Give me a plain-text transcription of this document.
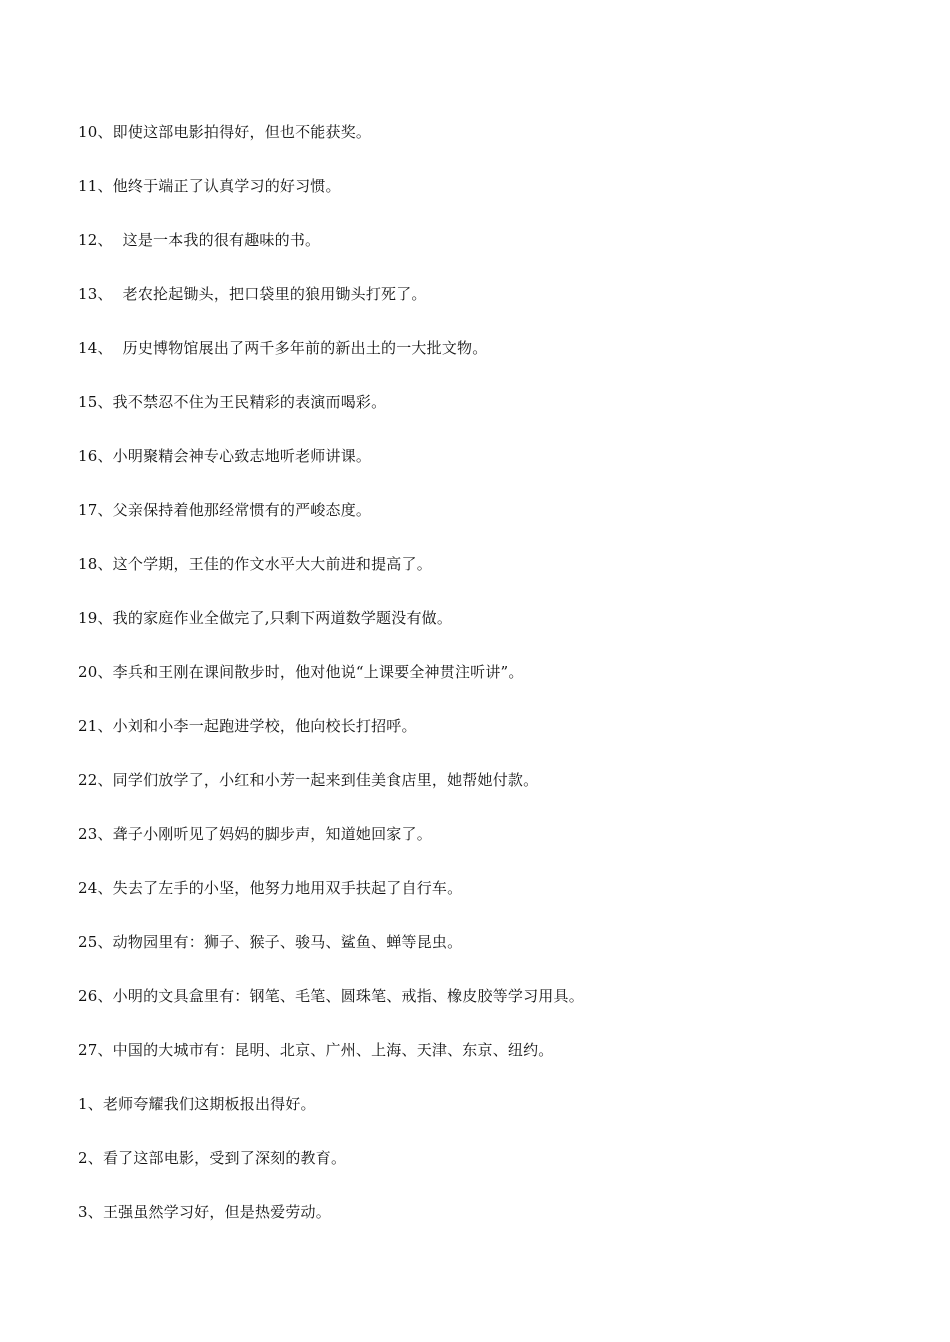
10、即使这部电影拍得好，但也不能获奖。
11、他终于端正了认真学习的好习惯。
12、  这是一本我的很有趣味的书。
13、  老农抡起锄头，把口袋里的狼用锄头打死了。
14、  历史博物馆展出了两千多年前的新出土的一大批文物。
15、我不禁忍不住为王民精彩的表演而喝彩。
16、小明聚精会神专心致志地听老师讲课。
17、父亲保持着他那经常惯有的严峻态度。
18、这个学期，王佳的作文水平大大前进和提高了。
19、我的家庭作业全做完了,只剩下两道数学题没有做。
20、李兵和王刚在课间散步时，他对他说“上课要全神贯注听讲”。
21、小刘和小李一起跑进学校，他向校长打招呼。
22、同学们放学了，小红和小芳一起来到佳美食店里，她帮她付款。
23、聋子小刚听见了妈妈的脚步声，知道她回家了。
24、失去了左手的小坚，他努力地用双手扶起了自行车。
25、动物园里有：狮子、猴子、骏马、鲨鱼、蝉等昆虫。
26、小明的文具盒里有：钢笔、毛笔、圆珠笔、戒指、橡皮胶等学习用具。
27、中国的大城市有：昆明、北京、广州、上海、天津、东京、纽约。
1、老师夸耀我们这期板报出得好。
2、看了这部电影，受到了深刻的教育。
3、王强虽然学习好，但是热爱劳动。
